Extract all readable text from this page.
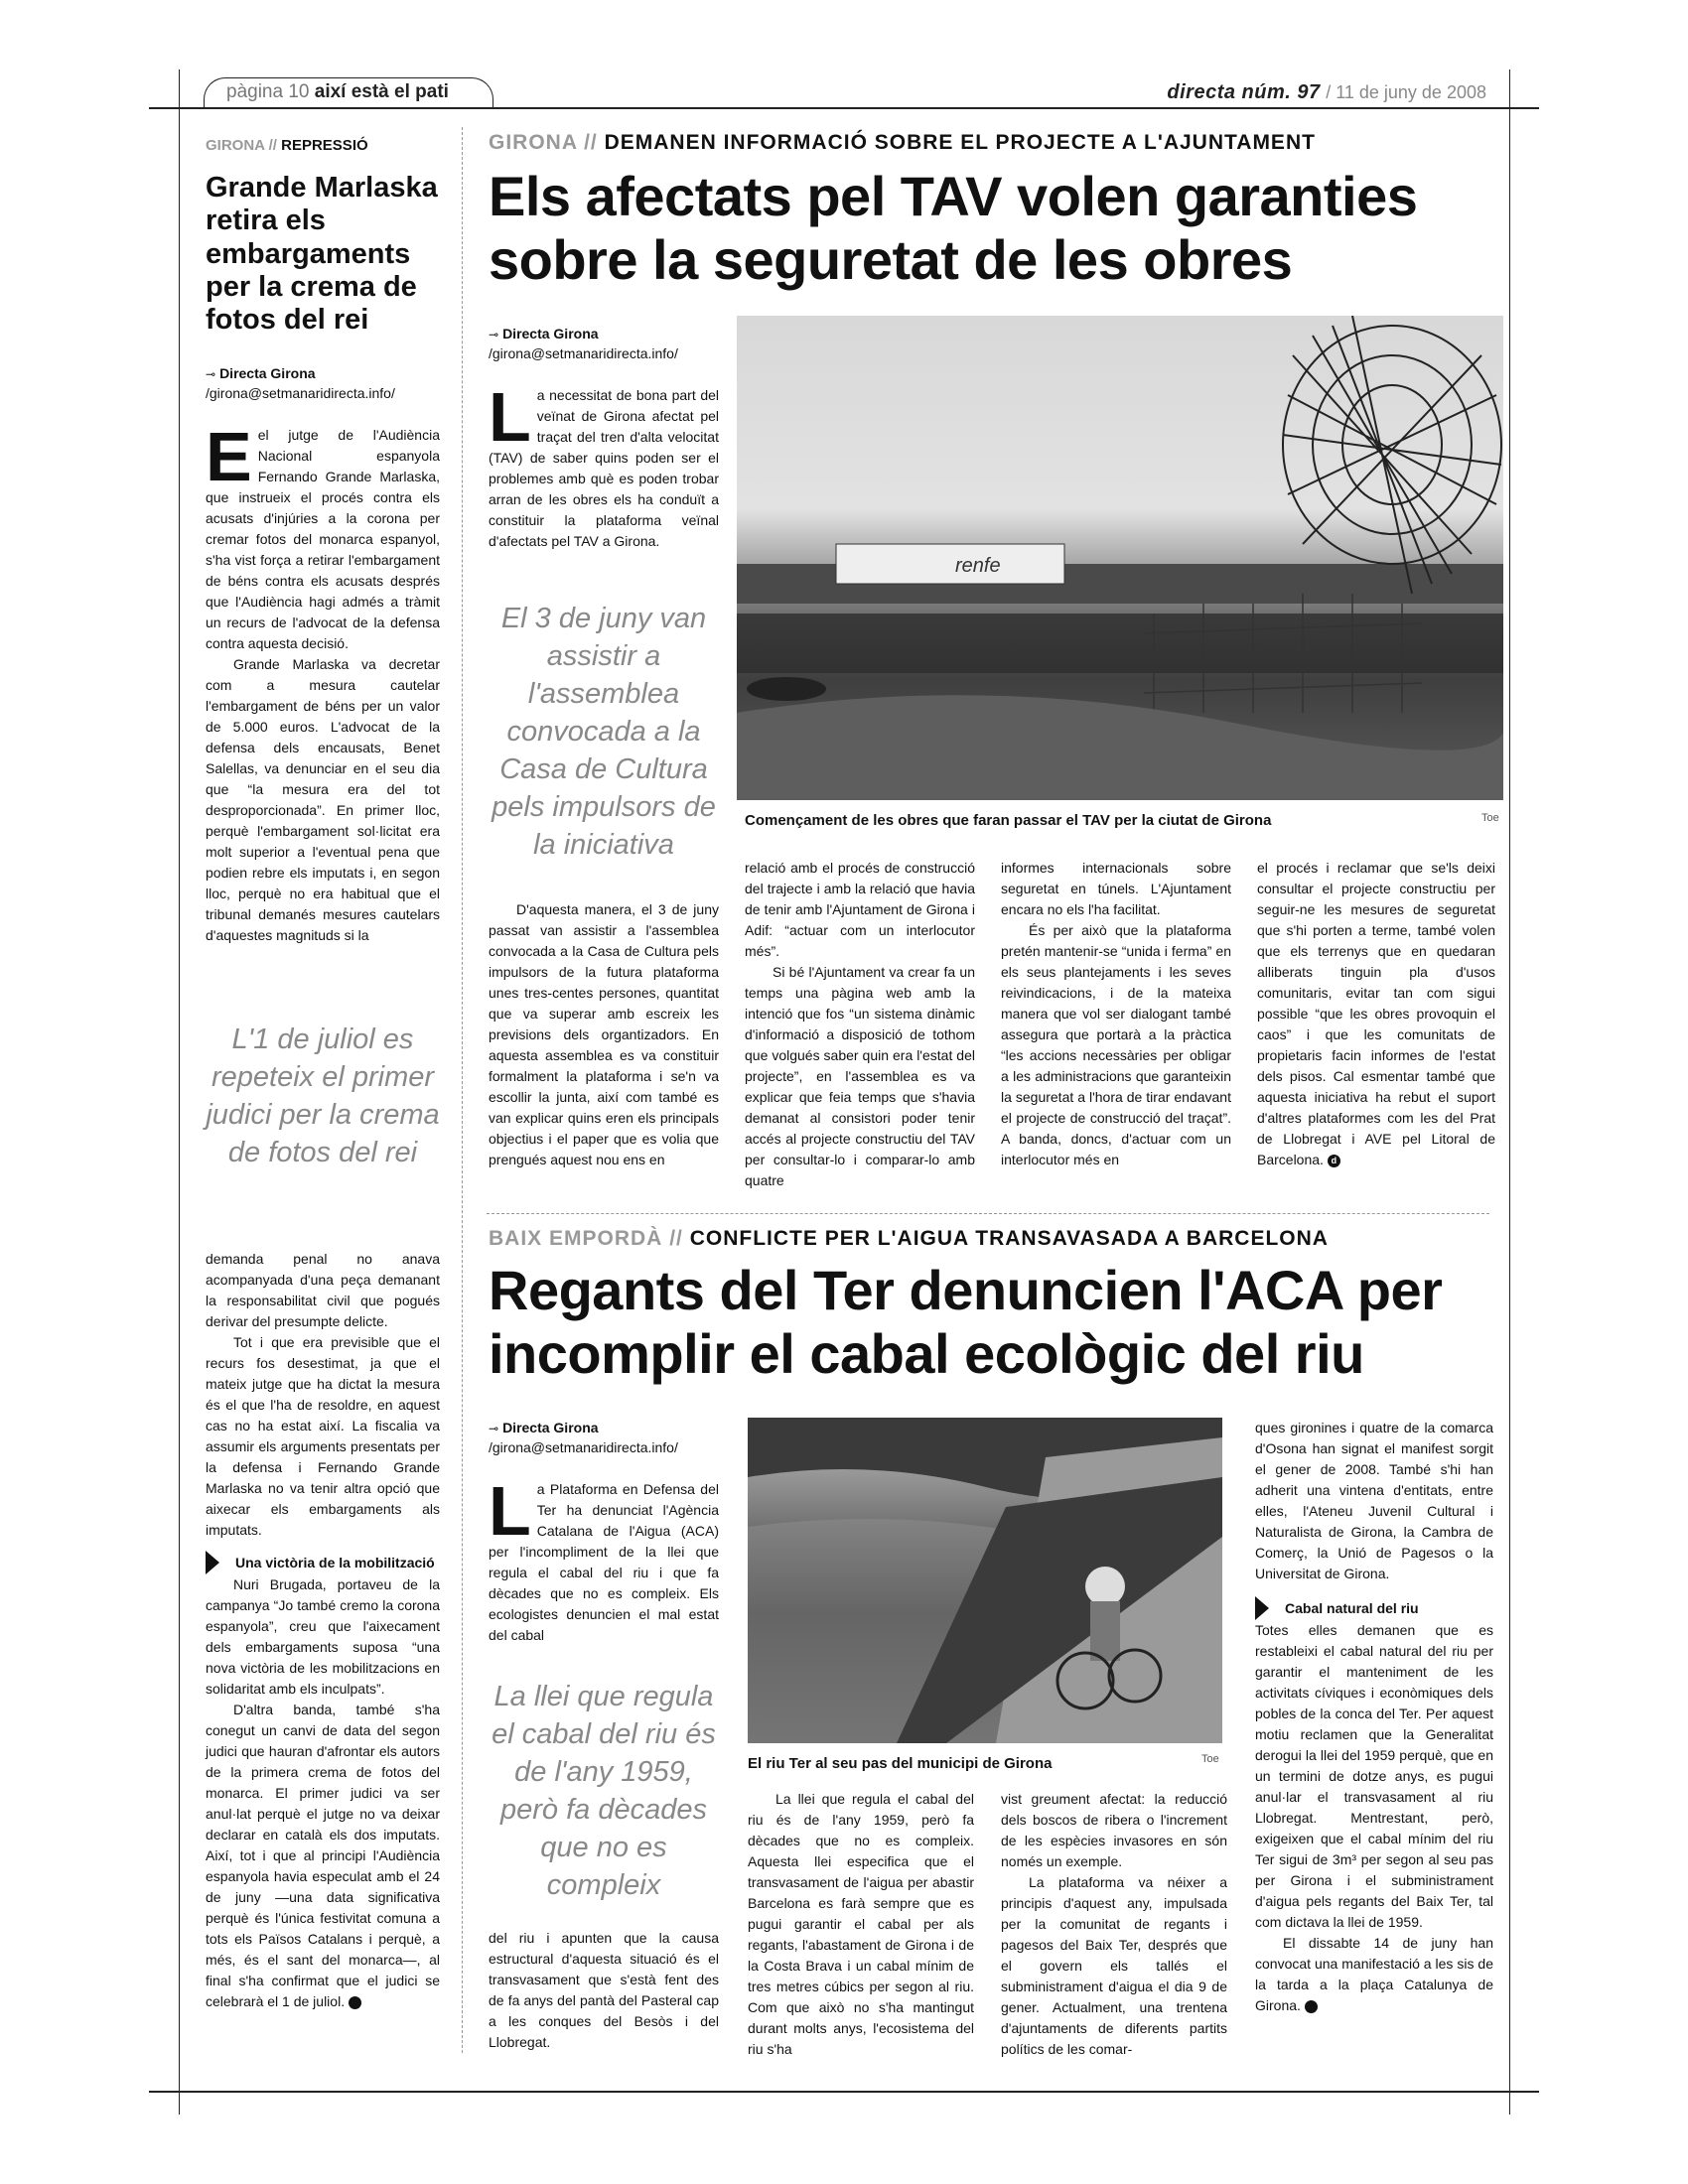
pàgina 10 així està el pati	directa núm. 97 / 11 de juny de 2008
GIRONA // REPRESSIÓ
Grande Marlaska retira els embargaments per la crema de fotos del rei
⊸ Directa Girona
/girona@setmanaridirecta.info/

Eel jutge de l'Audiència Nacional espanyola Fernando Grande Marlaska, que instrueix el procés contra els acusats d'injúries a la corona per cremar fotos del monarca espanyol, s'ha vist força a retirar l'embargament de béns contra els acusats després que l'Audiència hagi admés a tràmit un recurs de l'advocat de la defensa contra aquesta decisió.

Grande Marlaska va decretar com a mesura cautelar l'embargament de béns per un valor de 5.000 euros. L'advocat de la defensa dels encausats, Benet Salellas, va denunciar en el seu dia que “la mesura era del tot desproporcionada”. En primer lloc, perquè l'embargament sol·licitat era molt superior a l'eventual pena que podien rebre els imputats i, en segon lloc, perquè no era habitual que el tribunal demanés mesures cautelars d'aquestes magnituds si la

L'1 de juliol es repeteix el primer judici per la crema de fotos del rei

demanda penal no anava acompanyada d'una peça demanant la responsabilitat civil que pogués derivar del presumpte delicte.

Tot i que era previsible que el recurs fos desestimat, ja que el mateix jutge que ha dictat la mesura és el que l'ha de resoldre, en aquest cas no ha estat així. La fiscalia va assumir els arguments presentats per la defensa i Fernando Grande Marlaska no va tenir altra opció que aixecar els embargaments als imputats.

Una victòria de la mobilització

Nuri Brugada, portaveu de la campanya “Jo també cremo la corona espanyola”, creu que l'aixecament dels embargaments suposa “una nova victòria de les mobilitzacions en solidaritat amb els inculpats”.

D'altra banda, també s'ha conegut un canvi de data del segon judici que hauran d'afrontar els autors de la primera crema de fotos del monarca. El primer judici va ser anul·lat perquè el jutge no va deixar declarar en català els dos imputats. Així, tot i que al principi l'Audiència espanyola havia especulat amb el 24 de juny —una data significativa perquè és l'única festivitat comuna a tots els Països Catalans i perquè, a més, és el sant del monarca—, al final s'ha confirmat que el judici se celebrarà el 1 de juliol.	d

GIRONA // DEMANEN INFORMACIÓ SOBRE EL PROJECTE A L'AJUNTAMENT
Els afectats pel TAV volen garanties sobre la seguretat de les obres
⊸ Directa Girona
/girona@setmanaridirecta.info/

La necessitat de bona part del veïnat de Girona afectat pel traçat del tren d'alta velocitat (TAV) de saber quins poden ser el problemes amb què es poden trobar arran de les obres els ha conduït a constituir la plataforma veïnal d'afectats pel TAV a Girona.

El 3 de juny van assistir a l'assemblea convocada a la Casa de Cultura pels impulsors de la iniciativa
renfe
Començament de les obres que faran passar el TAV per la ciutat de Girona	Toe

D'aquesta manera, el 3 de juny passat van assistir a l'assemblea convocada a la Casa de Cultura pels impulsors de la futura plataforma unes tres-centes persones, quantitat que va superar amb escreix les previsions dels organtizadors. En aquesta assemblea es va constituir formalment la plataforma i se'n va escollir la junta, així com també es van explicar quins eren els principals objectius i el paper que es volia que prengués aquest nou ens en

relació amb el procés de construcció del trajecte i amb la relació que havia de tenir amb l'Ajuntament de Girona i Adif: “actuar com un interlocutor més”.

Si bé l'Ajuntament va crear fa un temps una pàgina web amb la intenció que fos “un sistema dinàmic d'informació a disposició de tothom que volgués saber quin era l'estat del projecte”, en l'assemblea es va explicar que feia temps que s'havia demanat al consistori poder tenir accés al projecte constructiu del TAV per consultar-lo i comparar-lo amb quatre

informes internacionals sobre seguretat en túnels. L'Ajuntament encara no els l'ha facilitat.

És per això que la plataforma pretén mantenir-se “unida i ferma” en els seus plantejaments i les seves reivindicacions, i de la mateixa manera que vol ser dialogant també assegura que portarà a la pràctica “les accions necessàries per obligar a les administracions que garanteixin la seguretat a l'hora de tirar endavant el projecte de construcció del traçat”. A banda, doncs, d'actuar com un interlocutor més en

el procés i reclamar que se'ls deixi consultar el projecte constructiu per seguir-ne les mesures de seguretat que s'hi porten a terme, també volen que els terrenys que en quedaran alliberats tinguin pla d'usos comunitaris, evitar tan com sigui possible “que les obres provoquin el caos” i que les comunitats de propietaris facin informes de l'estat dels pisos. Cal esmentar també que aquesta iniciativa ha rebut el suport d'altres plataformes com les del Prat de Llobregat i AVE pel Litoral de Barcelona. d

BAIX EMPORDÀ // CONFLICTE PER L'AIGUA TRANSAVASADA A BARCELONA
Regants del Ter denuncien l'ACA per incomplir el cabal ecològic del riu
⊸ Directa Girona
/girona@setmanaridirecta.info/

La Plataforma en Defensa del Ter ha denunciat l'Agència Catalana de l'Aigua (ACA) per l'incompliment de la llei que regula el cabal del riu i que fa dècades que no es compleix. Els ecologistes denuncien el mal estat del cabal

La llei que regula el cabal del riu és de l'any 1959, però fa dècades que no es compleix

del riu i apunten que la causa estructural d'aquesta situació és el transvasament que s'està fent des de fa anys del pantà del Pasteral cap a les conques del Besòs i del Llobregat.

El riu Ter al seu pas del municipi de Girona	Toe

La llei que regula el cabal del riu és de l'any 1959, però fa dècades que no es compleix. Aquesta llei especifica que el transvasament de l'aigua per abastir Barcelona es farà sempre que es pugui garantir el cabal per als regants, l'abastament de Girona i de la Costa Brava i un cabal mínim de tres metres cúbics per segon al riu. Com que això no s'ha mantingut durant molts anys, l'ecosistema del riu s'ha

vist greument afectat: la reducció dels boscos de ribera o l'increment de les espècies invasores en són només un exemple.

La plataforma va néixer a principis d'aquest any, impulsada per la comunitat de regants i pagesos del Baix Ter, després que el govern els tallés el subministrament d'aigua el dia 9 de gener. Actualment, una trentena d'ajuntaments de diferents partits polítics de les comar-

ques gironines i quatre de la comarca d'Osona han signat el manifest sorgit el gener de 2008. També s'hi han adherit una vintena d'entitats, entre elles, l'Ateneu Juvenil Cultural i Naturalista de Girona, la Cambra de Comerç, la Unió de Pagesos o la Universitat de Girona.

Cabal natural del riu

Totes elles demanen que es restableixi el cabal natural del riu per garantir el manteniment de les activitats cíviques i econòmiques dels pobles de la conca del Ter. Per aquest motiu reclamen que la Generalitat derogui la llei del 1959 perquè, que en un termini de dotze anys, es pugui anul·lar el transvasament al riu Llobregat. Mentrestant, però, exigeixen que el cabal mínim del riu Ter sigui de 3m³ per segon al seu pas per Girona i el subministrament d'aigua pels regants del Baix Ter, tal com dictava la llei de 1959.

El dissabte 14 de juny han convocat una manifestació a les sis de la tarda a la plaça Catalunya de Girona.	d
